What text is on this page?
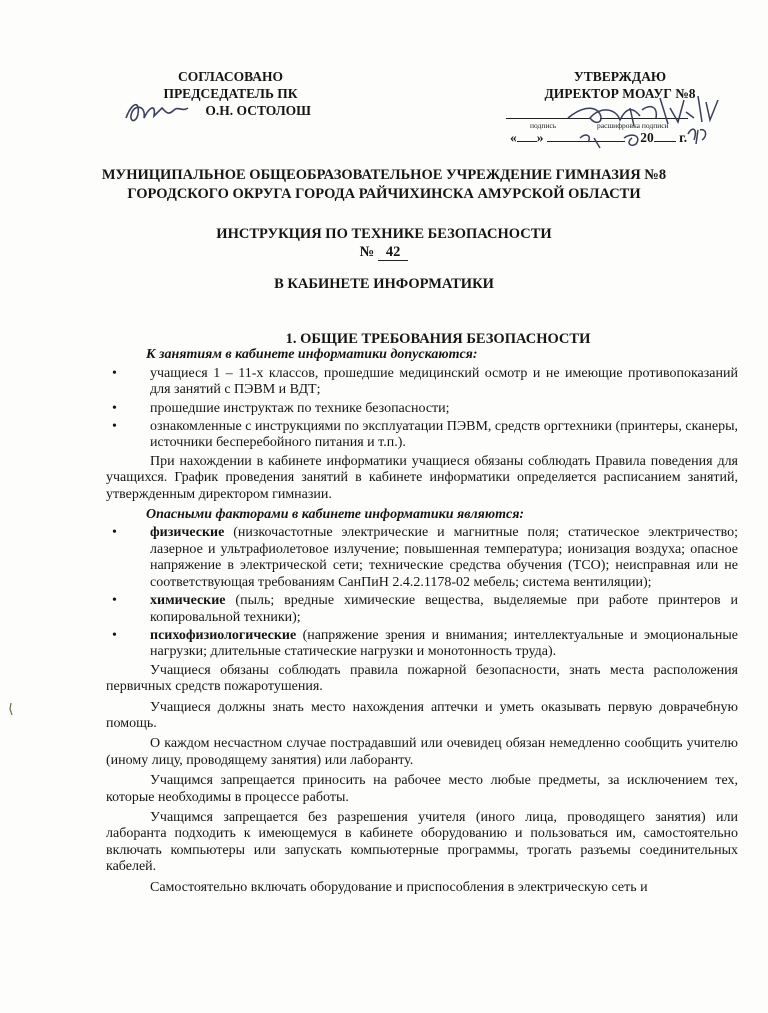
СОГЛАСОВАНО
ПРЕДСЕДАТЕЛЬ ПК
О.Н. ОСТОЛОШ
УТВЕРЖДАЮ
ДИРЕКТОР МОАУГ №8
подпись	расшифровка подписи
« »	20 г.
МУНИЦИПАЛЬНОЕ ОБЩЕОБРАЗОВАТЕЛЬНОЕ УЧРЕЖДЕНИЕ ГИМНАЗИЯ №8
ГОРОДСКОГО ОКРУГА ГОРОДА РАЙЧИХИНСКА АМУРСКОЙ ОБЛАСТИ
ИНСТРУКЦИЯ ПО ТЕХНИКЕ БЕЗОПАСНОСТИ
№ 42
В КАБИНЕТЕ ИНФОРМАТИКИ

1. ОБЩИЕ ТРЕБОВАНИЯ БЕЗОПАСНОСТИ

К занятиям в кабинете информатики допускаются:

• учащиеся 1 – 11-х классов, прошедшие медицинский осмотр и не имеющие противопоказаний для занятий с ПЭВМ и ВДТ;
• прошедшие инструктаж по технике безопасности;
• ознакомленные с инструкциями по эксплуатации ПЭВМ, средств оргтехники (принтеры, сканеры, источники бесперебойного питания и т.п.).

При нахождении в кабинете информатики учащиеся обязаны соблюдать Правила поведения для учащихся. График проведения занятий в кабинете информатики определяется расписанием занятий, утвержденным директором гимназии.

Опасными факторами в кабинете информатики являются:

• физические (низкочастотные электрические и магнитные поля; статическое электричество; лазерное и ультрафиолетовое излучение; повышенная температура; ионизация воздуха; опасное напряжение в электрической сети; технические средства обучения (ТСО); неисправная или не соответствующая требованиям СанПиН 2.4.2.1178-02 мебель; система вентиляции);
• химические (пыль; вредные химические вещества, выделяемые при работе принтеров и копировальной техники);
• психофизиологические (напряжение зрения и внимания; интеллектуальные и эмоциональные нагрузки; длительные статические нагрузки и монотонность труда).

Учащиеся обязаны соблюдать правила пожарной безопасности, знать места расположения первичных средств пожаротушения.

Учащиеся должны знать место нахождения аптечки и уметь оказывать первую доврачебную помощь.

О каждом несчастном случае пострадавший или очевидец обязан немедленно сообщить учителю (иному лицу, проводящему занятия) или лаборанту.

Учащимся запрещается приносить на рабочее место любые предметы, за исключением тех, которые необходимы в процессе работы.

Учащимся запрещается без разрешения учителя (иного лица, проводящего занятия) или лаборанта подходить к имеющемуся в кабинете оборудованию и пользоваться им, самостоятельно включать компьютеры или запускать компьютерные программы, трогать разъемы соединительных кабелей.

Самостоятельно включать оборудование и приспособления в электрическую сеть и
